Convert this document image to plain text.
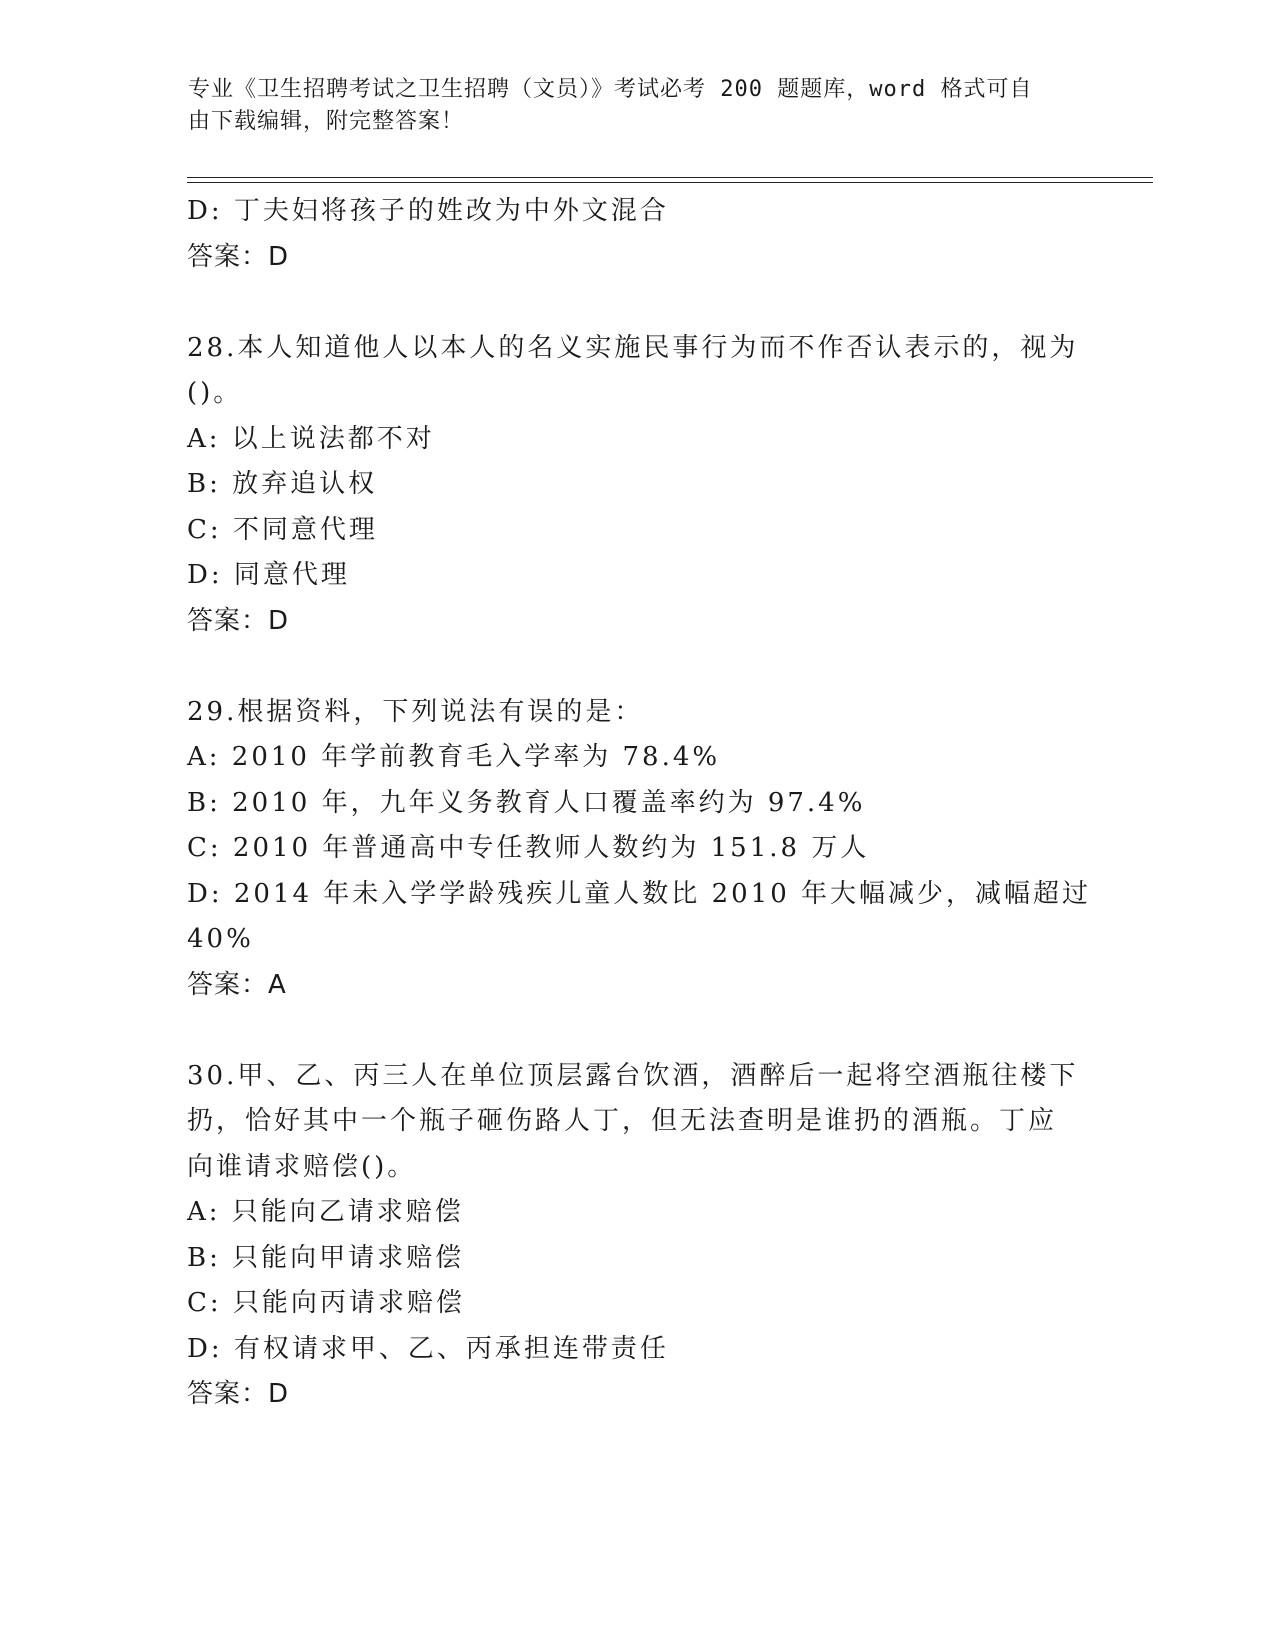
专业《卫生招聘考试之卫生招聘（文员）》考试必考 200 题题库，word 格式可自
由下载编辑，附完整答案！
D: 丁夫妇将孩子的姓改为中外文混合
答案：D
28.本人知道他人以本人的名义实施民事行为而不作否认表示的，视为
()。
A: 以上说法都不对
B: 放弃追认权
C: 不同意代理
D: 同意代理
答案：D
29.根据资料，下列说法有误的是：
A: 2010 年学前教育毛入学率为 78.4%
B: 2010 年，九年义务教育人口覆盖率约为 97.4%
C: 2010 年普通高中专任教师人数约为 151.8 万人
D: 2014 年未入学学龄残疾儿童人数比 2010 年大幅减少，减幅超过
40%
答案：A
30.甲、乙、丙三人在单位顶层露台饮酒，酒醉后一起将空酒瓶往楼下
扔，恰好其中一个瓶子砸伤路人丁，但无法查明是谁扔的酒瓶。丁应
向谁请求赔偿()。
A: 只能向乙请求赔偿
B: 只能向甲请求赔偿
C: 只能向丙请求赔偿
D: 有权请求甲、乙、丙承担连带责任
答案：D
